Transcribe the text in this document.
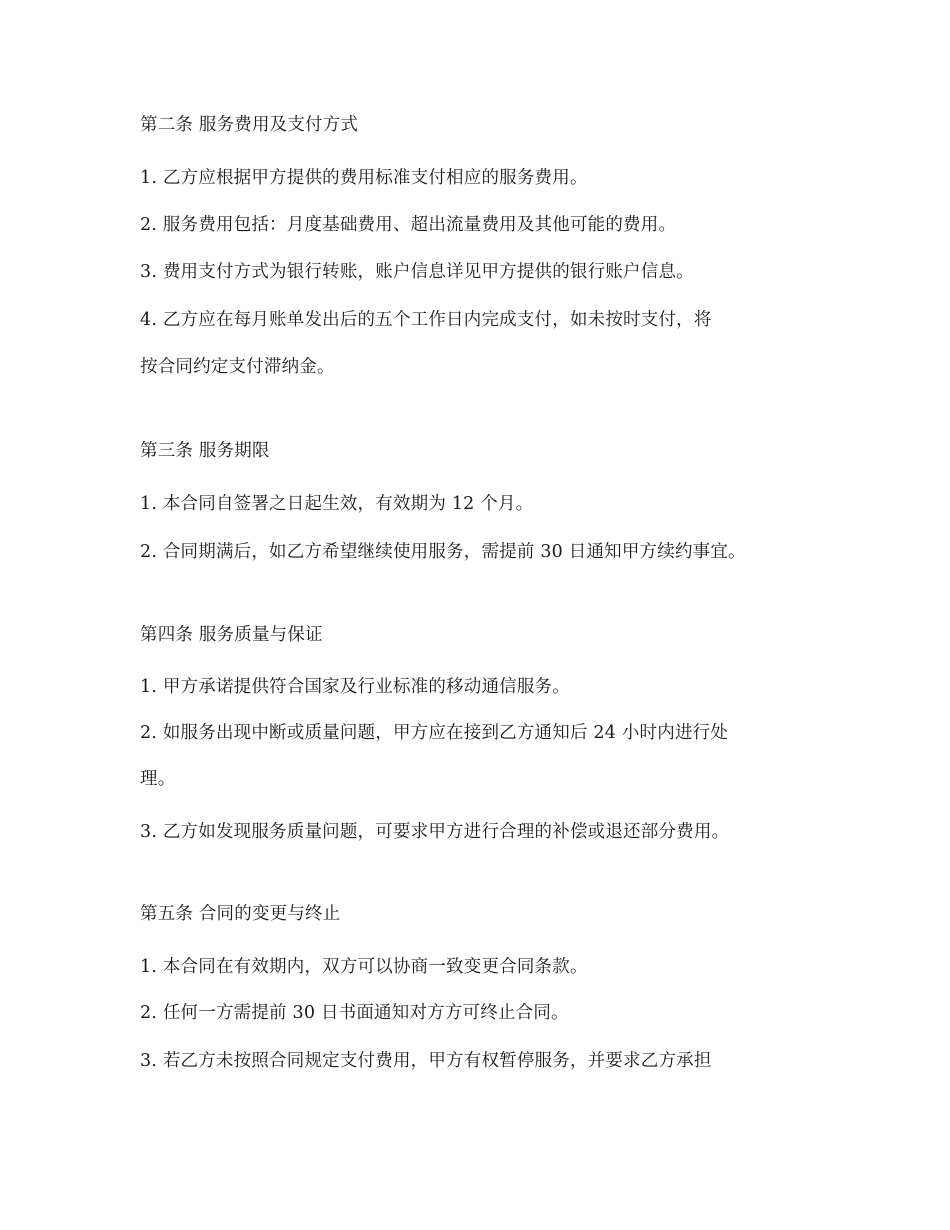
第二条 服务费用及支付方式
1. 乙方应根据甲方提供的费用标准支付相应的服务费用。
2. 服务费用包括：月度基础费用、超出流量费用及其他可能的费用。
3. 费用支付方式为银行转账，账户信息详见甲方提供的银行账户信息。
4. 乙方应在每月账单发出后的五个工作日内完成支付，如未按时支付，将
按合同约定支付滞纳金。
第三条 服务期限
1. 本合同自签署之日起生效，有效期为 12 个月。
2. 合同期满后，如乙方希望继续使用服务，需提前 30 日通知甲方续约事宜。
第四条 服务质量与保证
1. 甲方承诺提供符合国家及行业标准的移动通信服务。
2. 如服务出现中断或质量问题，甲方应在接到乙方通知后 24 小时内进行处
理。
3. 乙方如发现服务质量问题，可要求甲方进行合理的补偿或退还部分费用。
第五条 合同的变更与终止
1. 本合同在有效期内，双方可以协商一致变更合同条款。
2. 任何一方需提前 30 日书面通知对方方可终止合同。
3. 若乙方未按照合同规定支付费用，甲方有权暂停服务，并要求乙方承担
